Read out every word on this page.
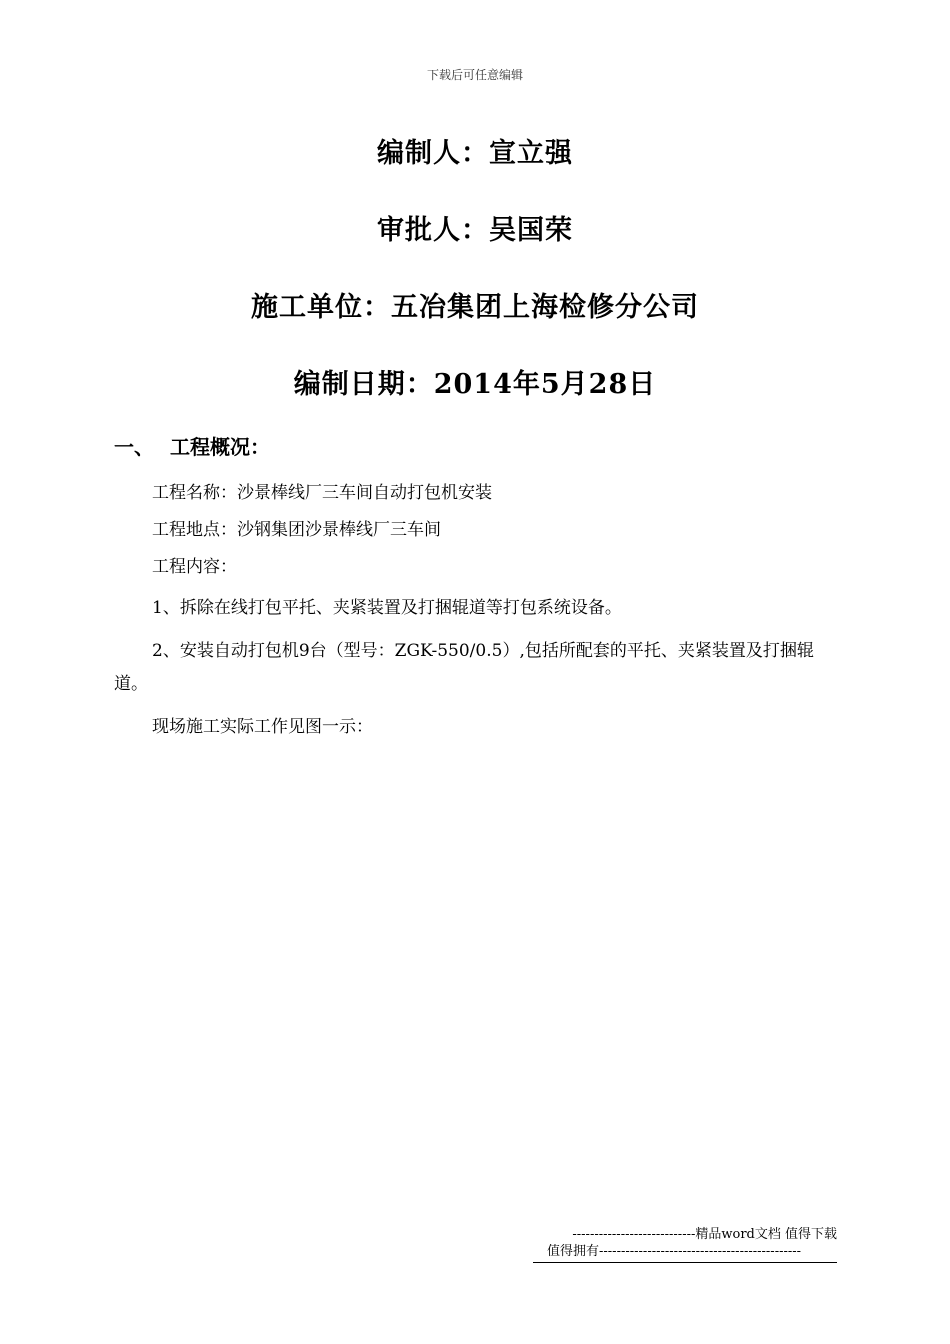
下载后可任意编辑
编制人：宣立强
审批人：吴国荣
施工单位：五冶集团上海检修分公司
编制日期：2014年5月28日
一、 工程概况：
工程名称：沙景棒线厂三车间自动打包机安装
工程地点：沙钢集团沙景棒线厂三车间
工程内容：
1、拆除在线打包平托、夹紧装置及打捆辊道等打包系统设备。
2、安装自动打包机9台（型号：ZGK-550/0.5）,包括所配套的平托、夹紧装置及打捆辊道。
现场施工实际工作见图一示：
----------------------------精品word文档 值得下载
值得拥有----------------------------------------------
